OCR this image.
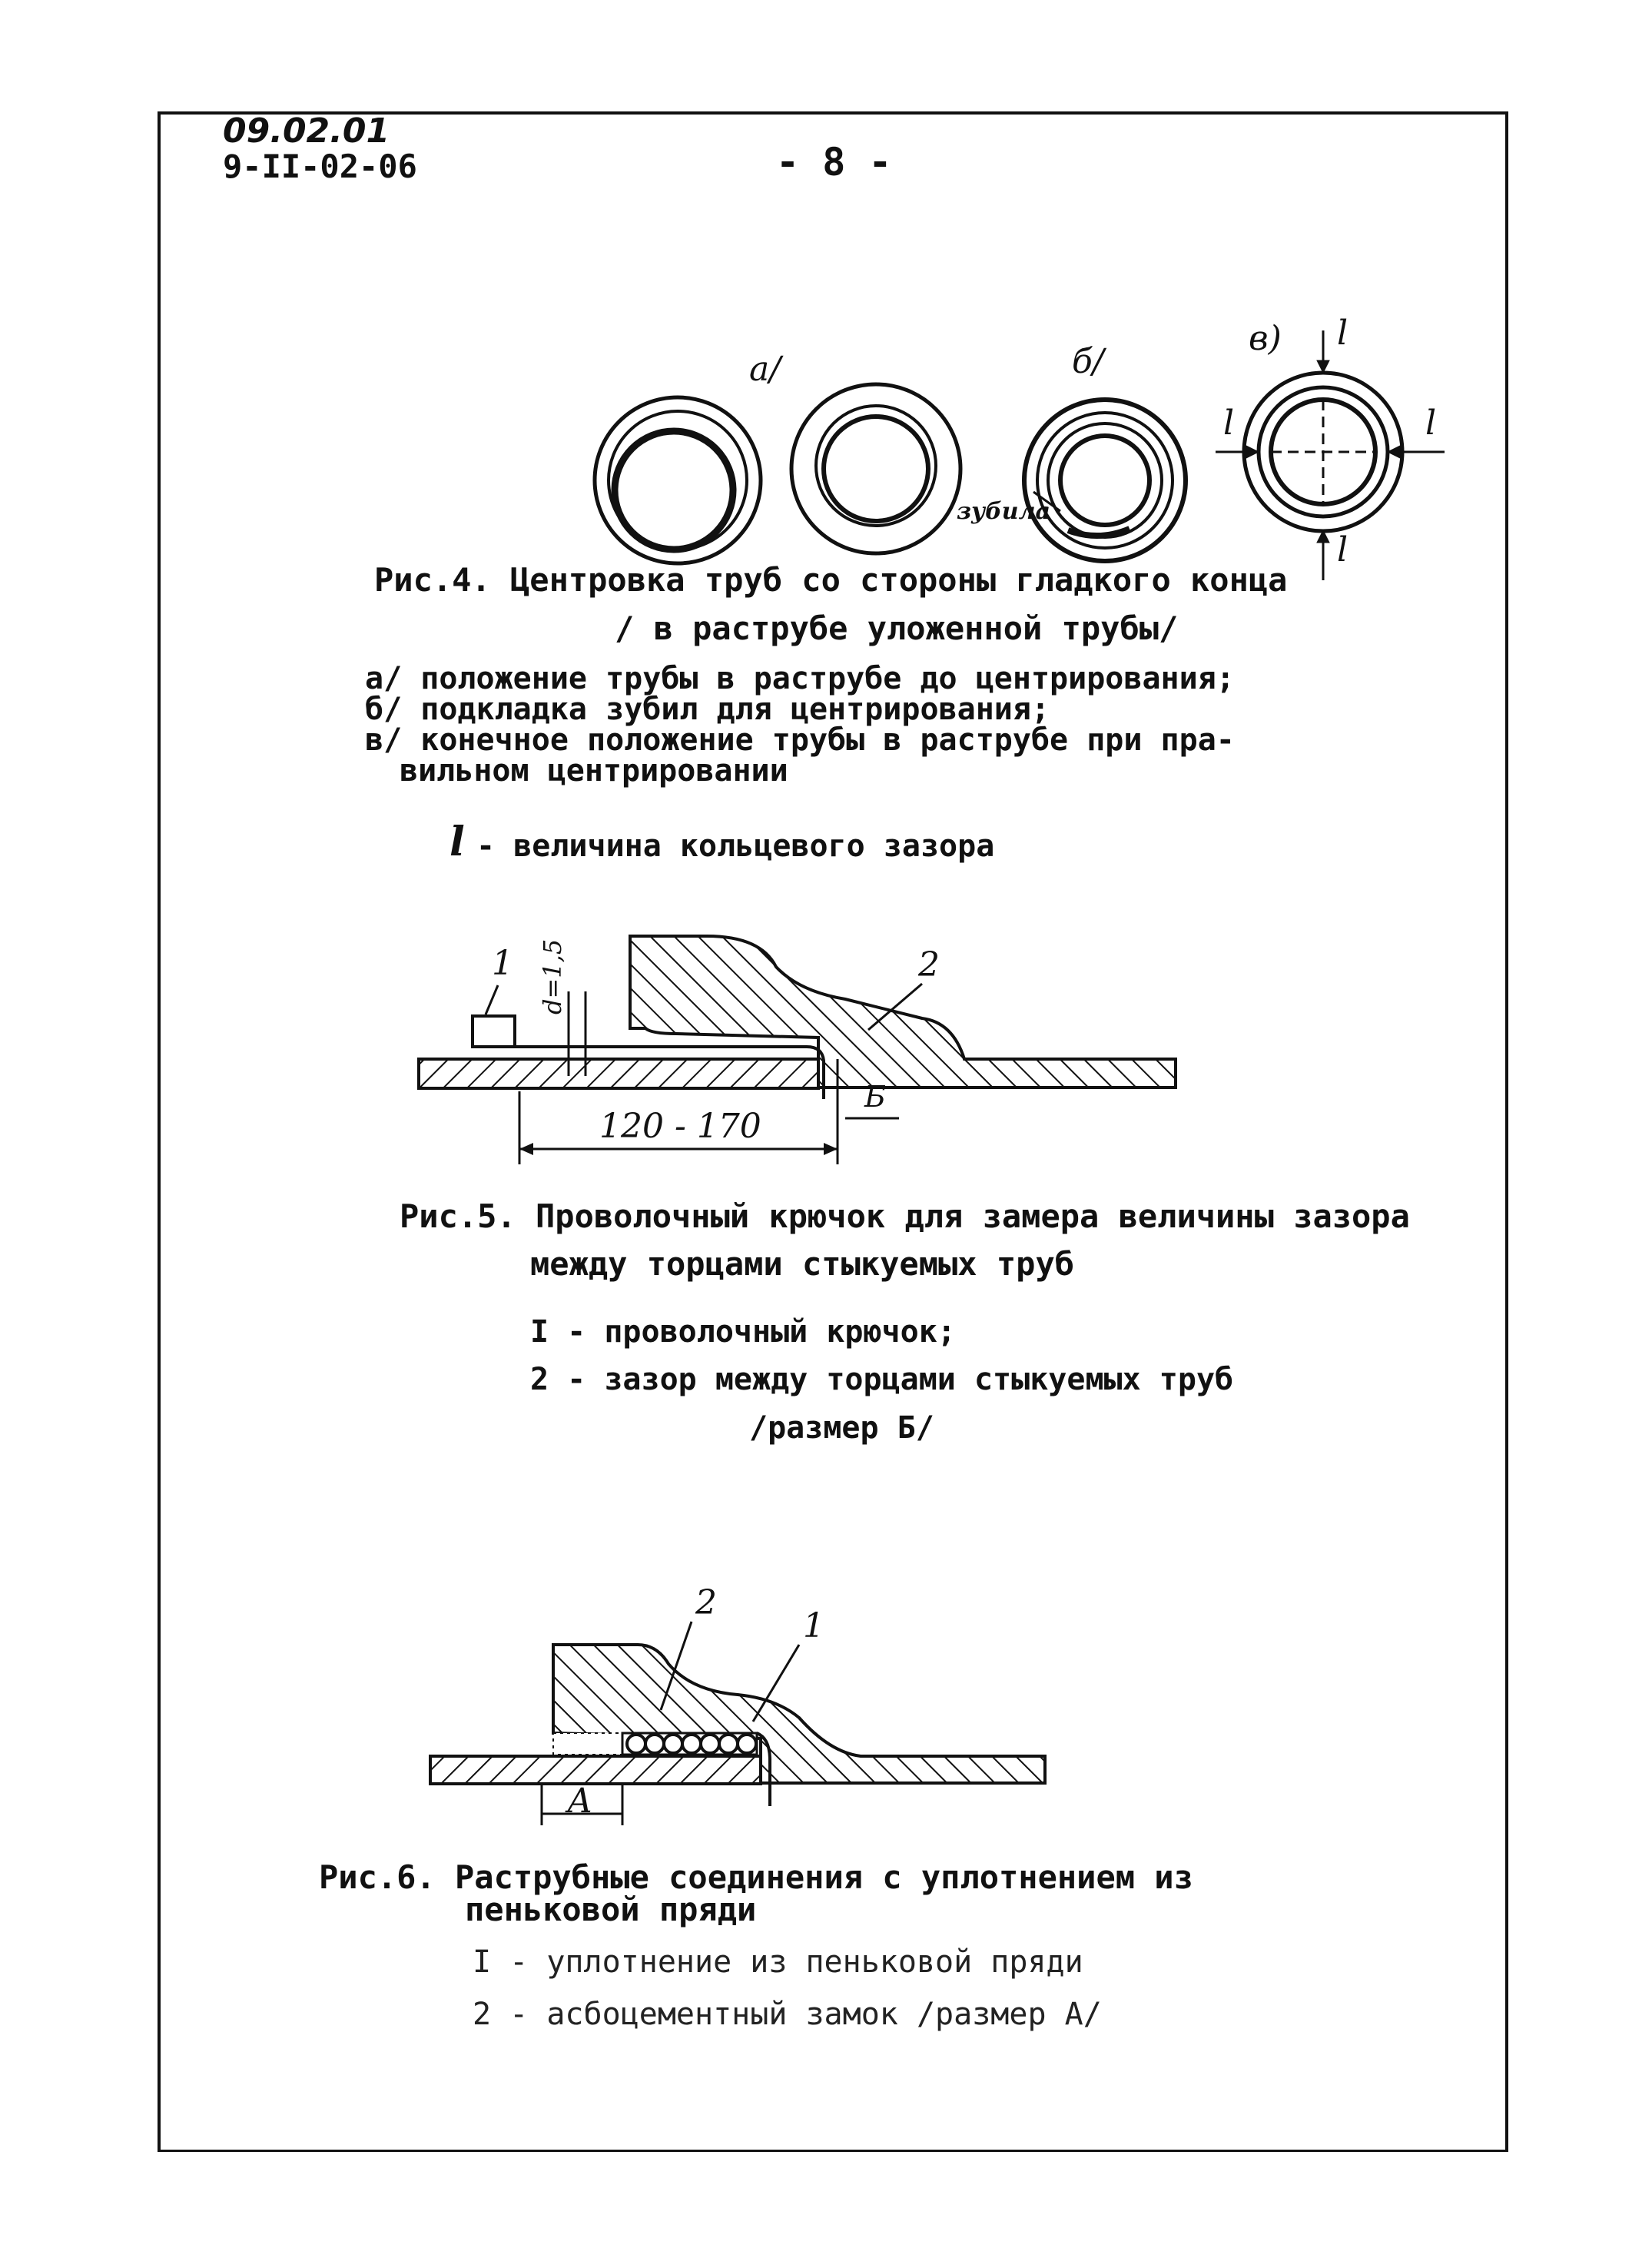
09.02.01
9-II-02-06	- 8 -
а/	б/
в) l
l	l
l
зубила
Рис.4. Центровка труб со стороны гладкого конца
/ в раструбе уложенной трубы/
а/ положение трубы в раструбе до центрирования;
б/ подкладка зубил для центрирования;
в/ конечное положение трубы в раструбе при пра-
вильном центрировании
l - величина кольцевого зазора
1	2
d=1,5
Б
120 - 170
Рис.5. Проволочный крючок для замера величины зазора
между торцами стыкуемых труб
I - проволочный крючок;
2 - зазор между торцами стыкуемых труб
/размер Б/
2
1
А
Рис.6. Раструбные соединения с уплотнением из
пеньковой пряди
I - уплотнение из пеньковой пряди
2 - асбоцементный замок /размер А/
